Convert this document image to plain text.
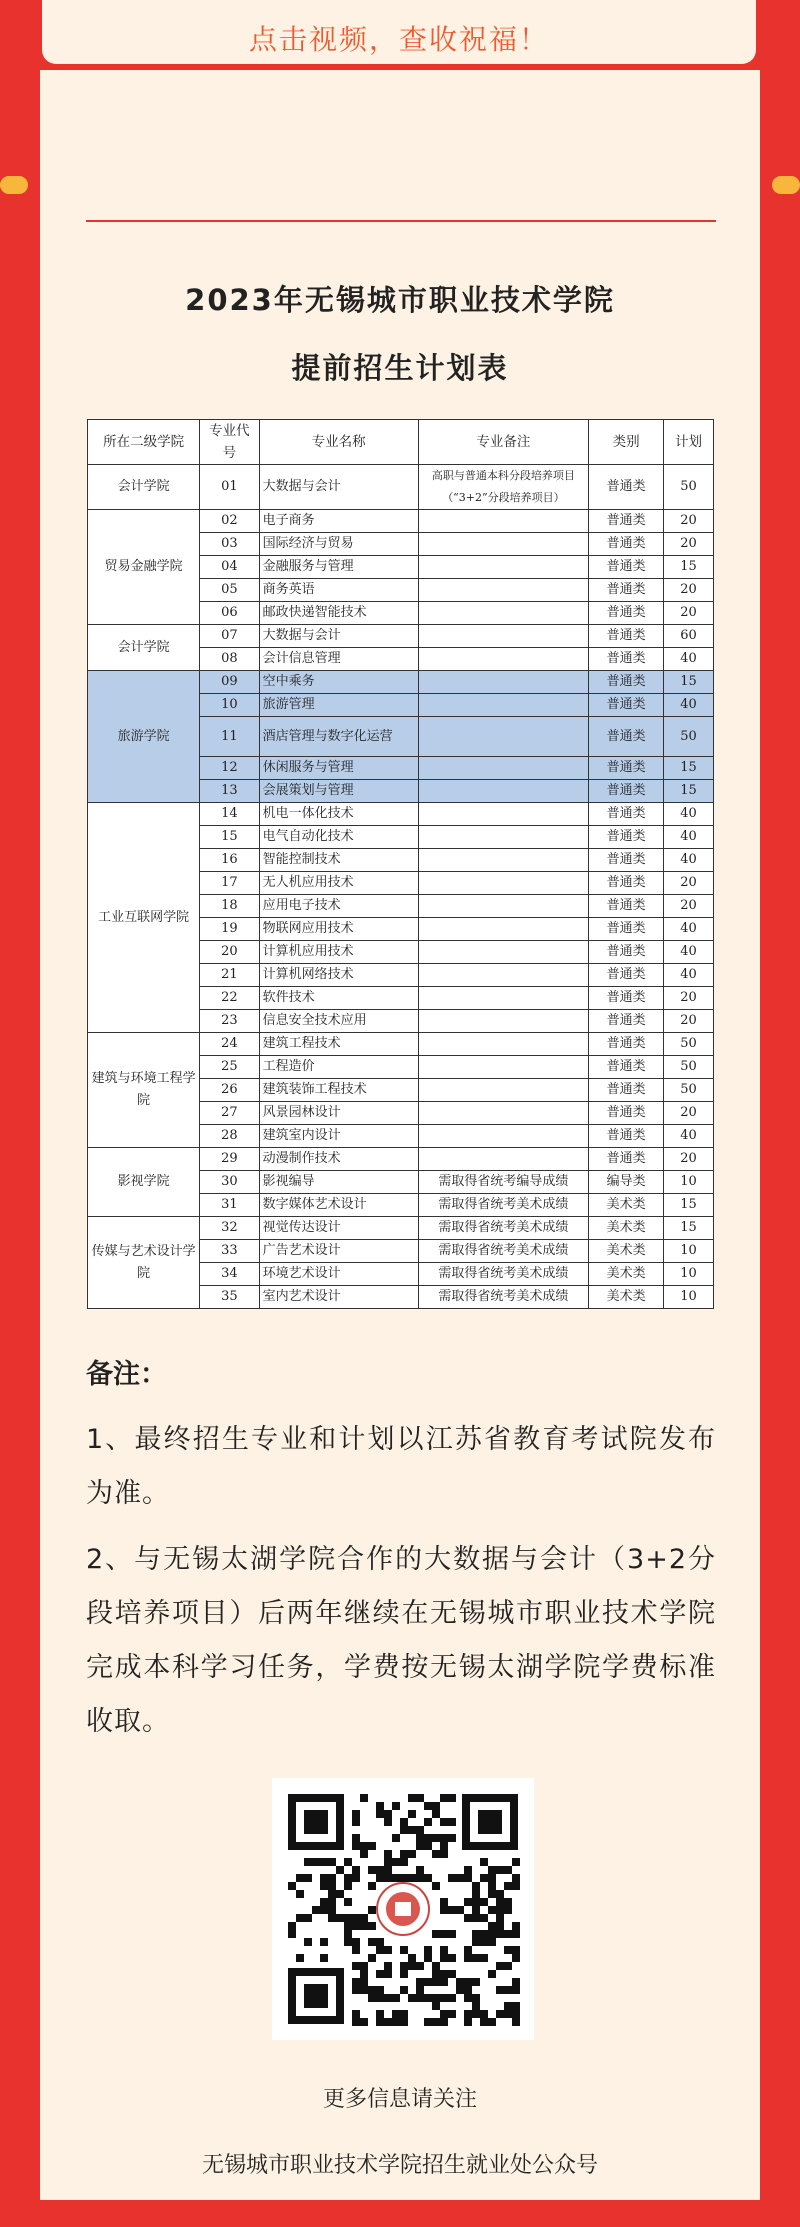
点击视频，查收祝福！
2023年无锡城市职业技术学院
提前招生计划表
所在二级学院	专业代号	专业名称	专业备注	类别	计划
会计学院	01	大数据与会计	高职与普通本科分段培养项目（“3+2”分段培养项目）	普通类	50
贸易金融学院	02	电子商务		普通类	20
	03	国际经济与贸易		普通类	20
	04	金融服务与管理		普通类	15
	05	商务英语		普通类	20
	06	邮政快递智能技术		普通类	20
会计学院	07	大数据与会计		普通类	60
	08	会计信息管理		普通类	40
旅游学院	09	空中乘务		普通类	15
	10	旅游管理		普通类	40
	11	酒店管理与数字化运营		普通类	50
	12	休闲服务与管理		普通类	15
	13	会展策划与管理		普通类	15
工业互联网学院	14	机电一体化技术		普通类	40
	15	电气自动化技术		普通类	40
	16	智能控制技术		普通类	40
	17	无人机应用技术		普通类	20
	18	应用电子技术		普通类	20
	19	物联网应用技术		普通类	40
	20	计算机应用技术		普通类	40
	21	计算机网络技术		普通类	40
	22	软件技术		普通类	20
	23	信息安全技术应用		普通类	20
建筑与环境工程学院	24	建筑工程技术		普通类	50
	25	工程造价		普通类	50
	26	建筑装饰工程技术		普通类	50
	27	风景园林设计		普通类	20
	28	建筑室内设计		普通类	40
影视学院	29	动漫制作技术		普通类	20
	30	影视编导	需取得省统考编导成绩	编导类	10
	31	数字媒体艺术设计	需取得省统考美术成绩	美术类	15
传媒与艺术设计学院	32	视觉传达设计	需取得省统考美术成绩	美术类	15
	33	广告艺术设计	需取得省统考美术成绩	美术类	10
	34	环境艺术设计	需取得省统考美术成绩	美术类	10
	35	室内艺术设计	需取得省统考美术成绩	美术类	10
备注：

1、最终招生专业和计划以江苏省教育考试院发布为准。

2、与无锡太湖学院合作的大数据与会计（3+2分段培养项目）后两年继续在无锡城市职业技术学院完成本科学习任务，学费按无锡太湖学院学费标准收取。

更多信息请关注
无锡城市职业技术学院招生就业处公众号
